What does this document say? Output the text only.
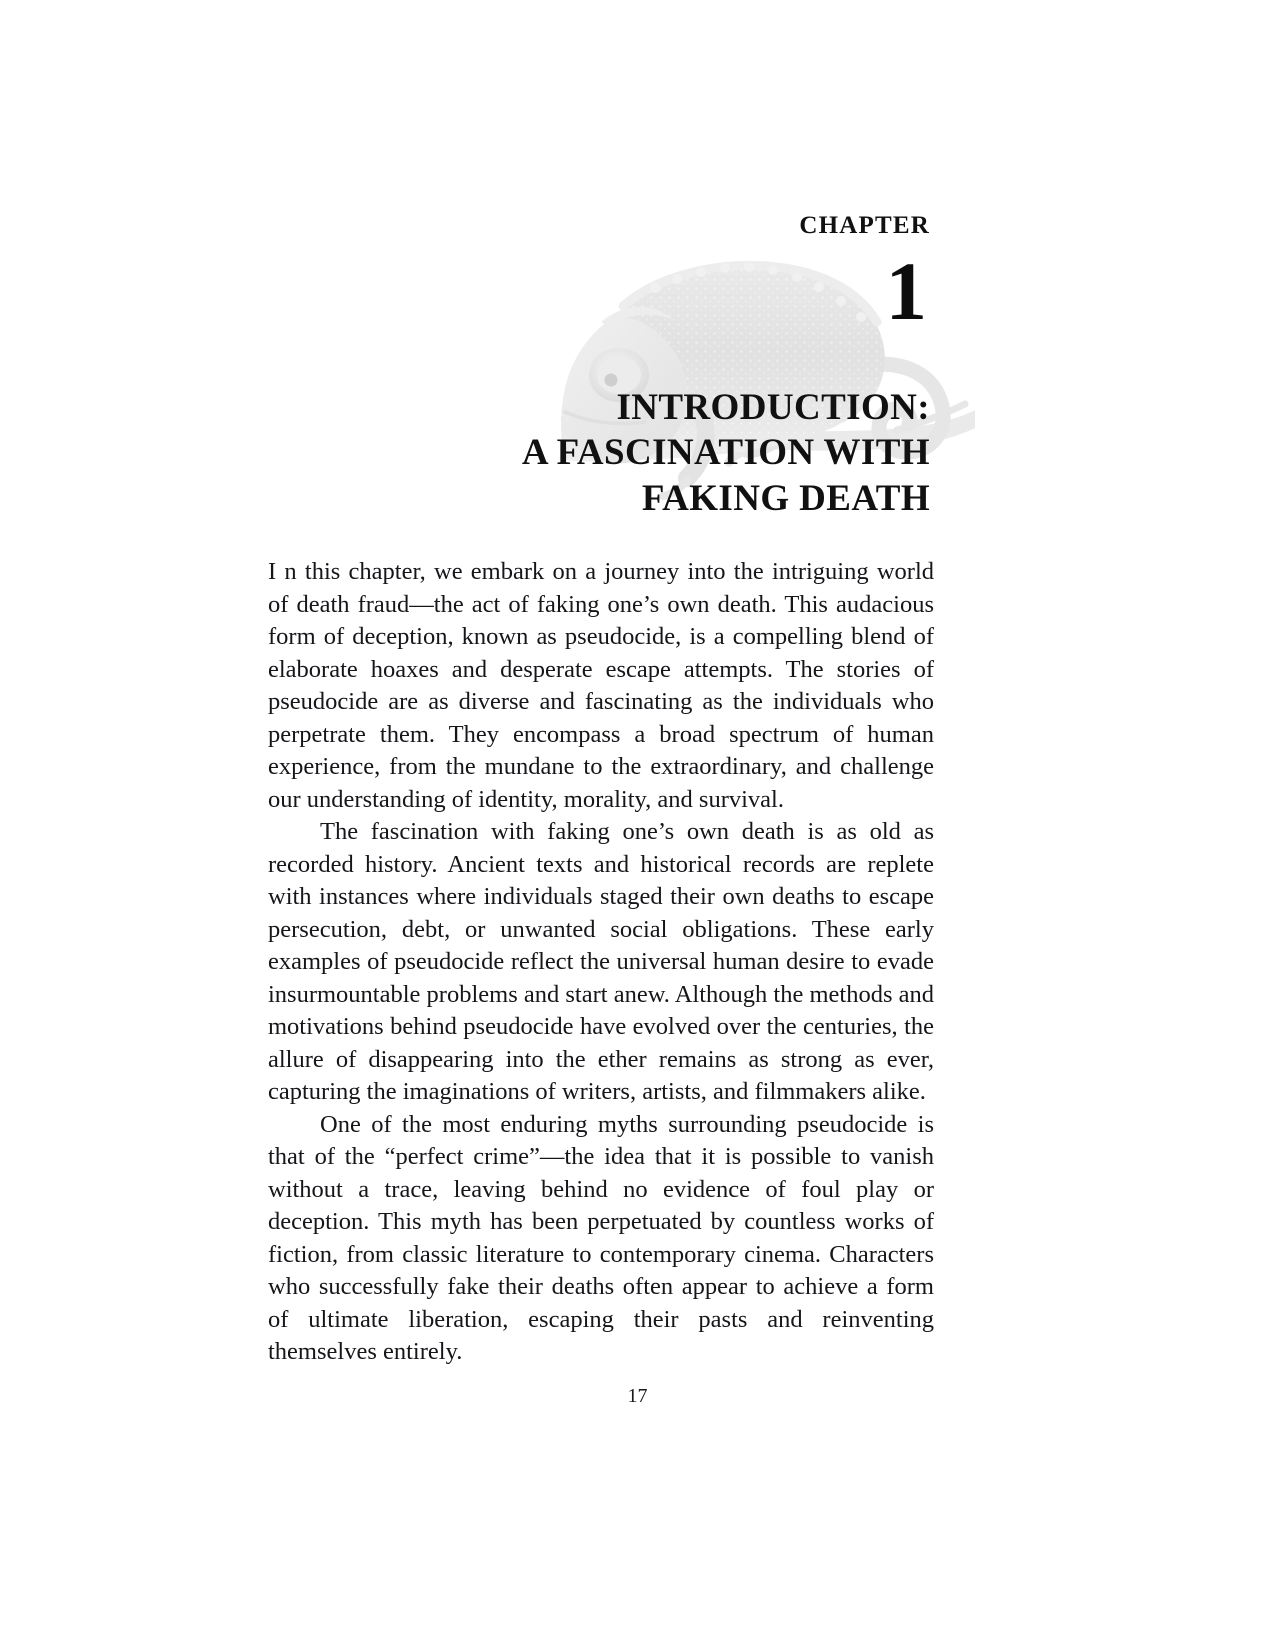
CHAPTER
1
INTRODUCTION:
A FASCINATION WITH
FAKING DEATH

I n this chapter, we embark on a journey into the intriguing world of death fraud—the act of faking one’s own death. This audacious form of deception, known as pseudocide, is a compelling blend of elaborate hoaxes and desperate escape attempts. The stories of pseudocide are as diverse and fascinating as the individuals who perpetrate them. They encompass a broad spectrum of human experience, from the mundane to the extraordinary, and challenge our understanding of identity, morality, and survival.

The fascination with faking one’s own death is as old as recorded history. Ancient texts and historical records are replete with instances where individuals staged their own deaths to escape persecution, debt, or unwanted social obligations. These early examples of pseudocide reflect the universal human desire to evade insurmountable problems and start anew. Although the methods and motivations behind pseudocide have evolved over the centuries, the allure of disappearing into the ether remains as strong as ever, capturing the imaginations of writers, artists, and filmmakers alike.

One of the most enduring myths surrounding pseudocide is that of the “perfect crime”—the idea that it is possible to vanish without a trace, leaving behind no evidence of foul play or deception. This myth has been perpetuated by countless works of fiction, from classic literature to contemporary cinema. Characters who successfully fake their deaths often appear to achieve a form of ultimate liberation, escaping their pasts and reinventing themselves entirely.

17
